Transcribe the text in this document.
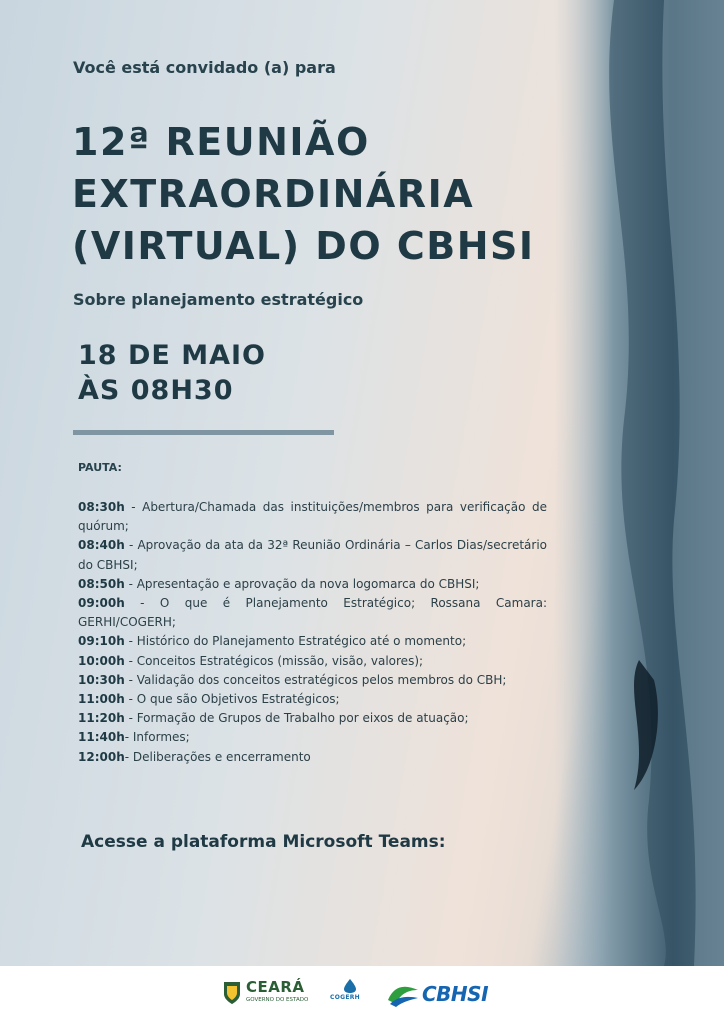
Você está convidado (a) para
12ª REUNIÃO
EXTRAORDINÁRIA
(VIRTUAL) DO CBHSI
Sobre planejamento estratégico
18 DE MAIO
ÀS 08H30
PAUTA:
08:30h - Abertura/Chamada das instituições/membros para verificação de quórum;
08:40h - Aprovação da ata da 32ª Reunião Ordinária – Carlos Dias/secretário do CBHSI;
08:50h - Apresentação e aprovação da nova logomarca do CBHSI;
09:00h - O que é Planejamento Estratégico; Rossana Camara: GERHI/COGERH;
09:10h - Histórico do Planejamento Estratégico até o momento;
10:00h - Conceitos Estratégicos (missão, visão, valores);
10:30h - Validação dos conceitos estratégicos pelos membros do CBH;
11:00h - O que são Objetivos Estratégicos;
11:20h - Formação de Grupos de Trabalho por eixos de atuação;
11:40h- Informes;
12:00h- Deliberações e encerramento
Acesse a plataforma Microsoft Teams:
CEARÁ
GOVERNO DO ESTADO	COGERH	CBHSI
